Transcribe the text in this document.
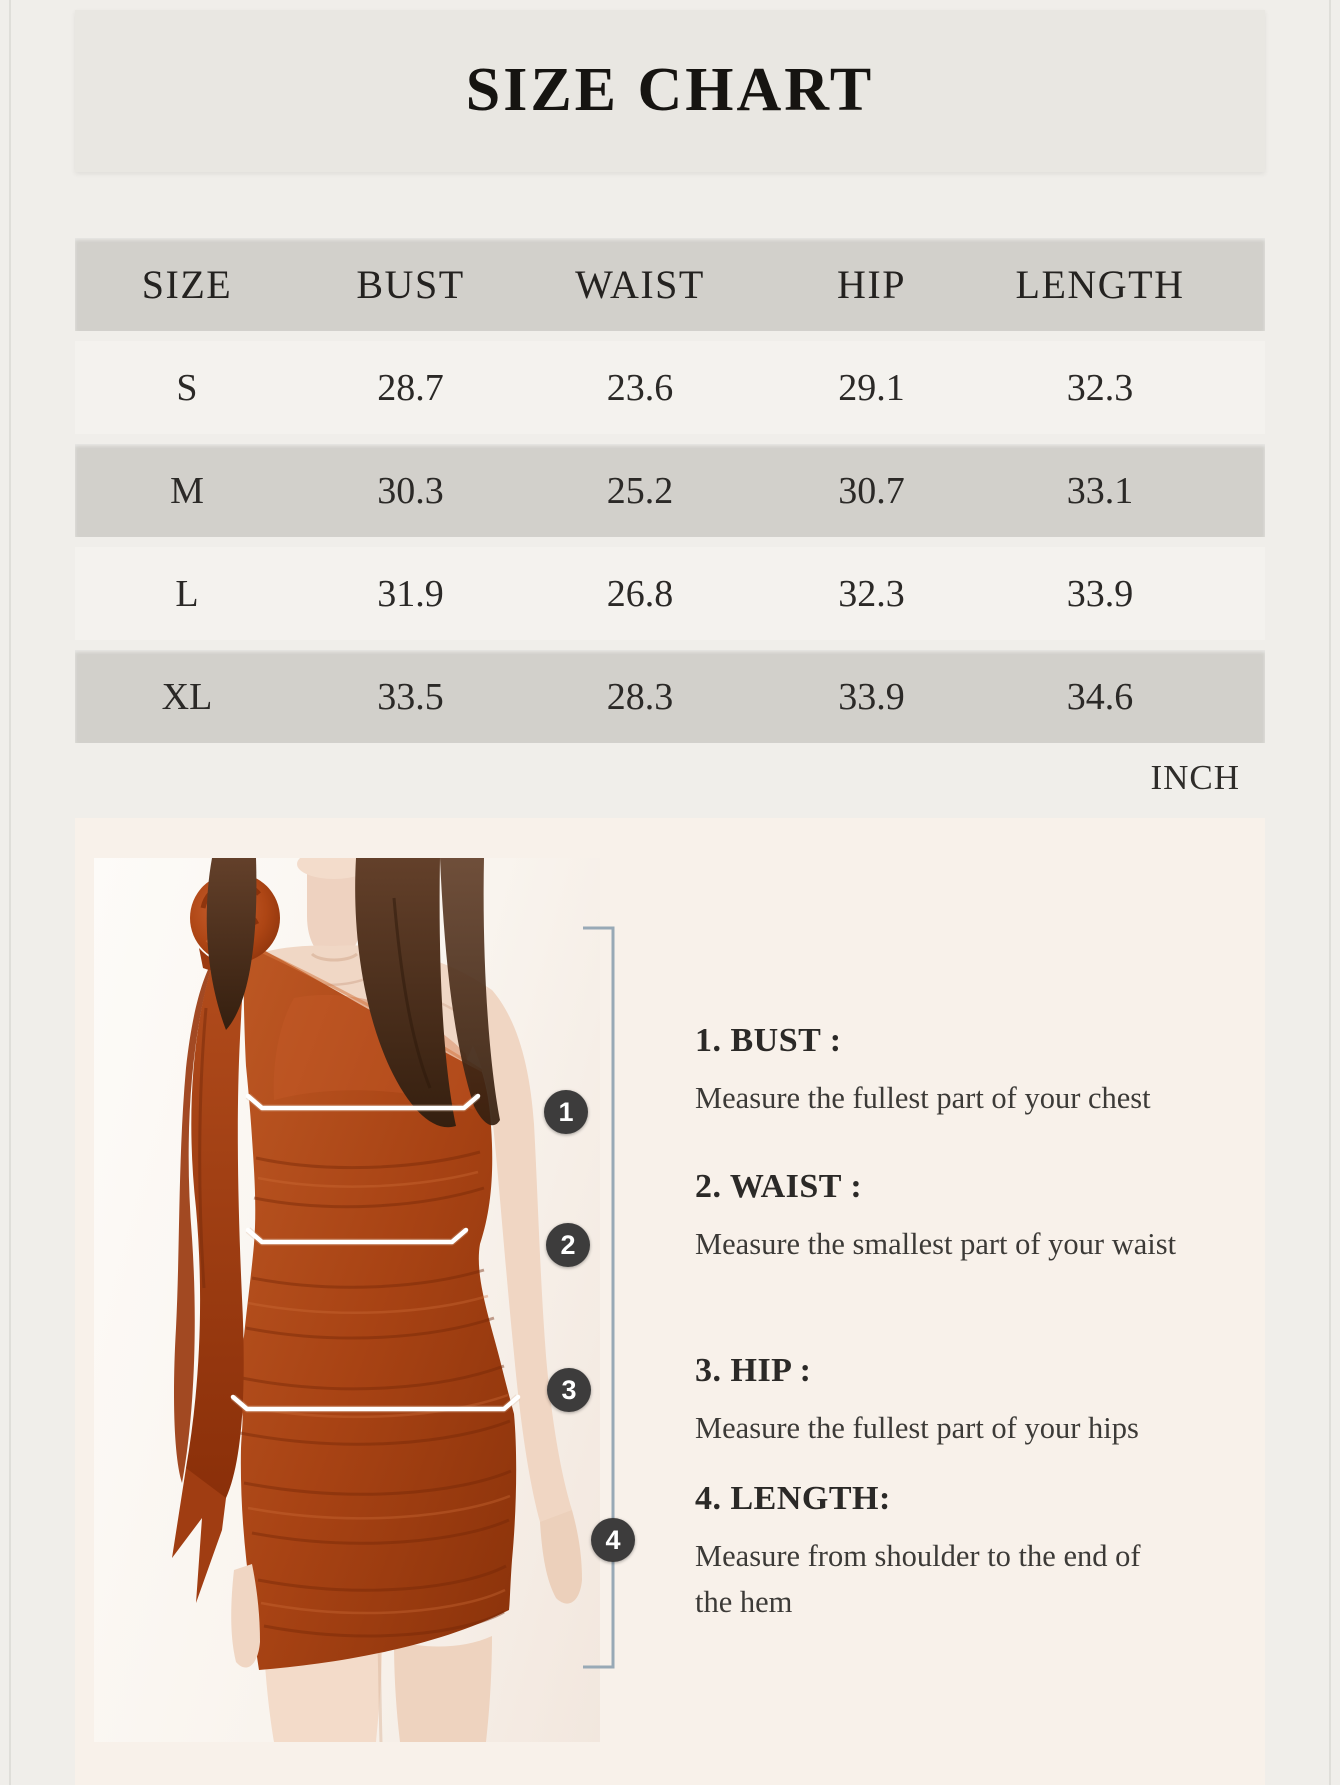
SIZE CHART
SIZE	BUST	WAIST	HIP	LENGTH
S	28.7	23.6	29.1	32.3
M	30.3	25.2	30.7	33.1
L	31.9	26.8	32.3	33.9
XL	33.5	28.3	33.9	34.6
INCH

1. BUST :

Measure the fullest part of your chest

2. WAIST :

Measure the smallest part of your waist

3. HIP :

Measure the fullest part of your hips

4. LENGTH:

Measure from shoulder to the end of the hem

1
2
3
4
